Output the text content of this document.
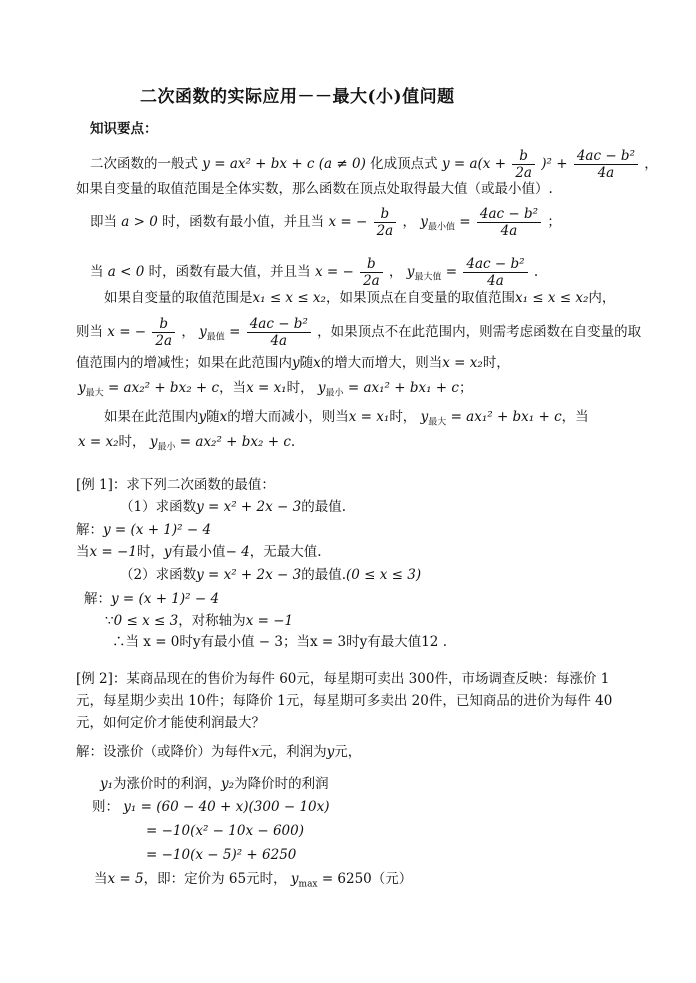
二次函数的实际应用－－最大(小)值问题
知识要点：
二次函数的一般式 y = ax² + bx + c (a ≠ 0) 化成顶点式 $y = a(x + \frac{b}{2a} )^2 + \frac{\text{4ac − b²}}{4a}$ ，
如果自变量的取值范围是全体实数，那么函数在顶点处取得最大值（或最小值）.
即当 a > 0 时，函数有最小值，并且当 x = − $\frac{b}{2a}$ ， $y_{最小值} = \frac{\text{4ac − b²}}{4a}$ ；
当 a < 0 时，函数有最大值，并且当 x = − $\frac{b}{2a}$ ， $y_{最大值} = \frac{\text{4ac − b²}}{4a}$ .
如果自变量的取值范围是x₁ ≤ x ≤ x₂，如果顶点在自变量的取值范围x₁ ≤ x ≤ x₂内，
则当 x = − $\frac{b}{2a}$ ， $y_{最值} = \frac{\text{4ac − b²}}{4a}$ ，如果顶点不在此范围内，则需考虑函数在自变量的取
值范围内的增减性；如果在此范围内y随x的增大而增大，则当x = x₂时，
$y_{最大} = ax_2^2 + bx_2 + c$，当x = x₁时， $y_{最小} = ax_1^2 + bx_1 + c$；
如果在此范围内y随x的增大而减小，则当x = x₁时， $y_{最大} = ax_1^2 + bx_1 + c$，当
x = x₂时， $y_{最小} = ax_2^2 + bx_2 + c$.
[例 1]：求下列二次函数的最值：
（1）求函数y = x² + 2x − 3的最值.
解：y = (x + 1)² − 4
当x = −1时，y有最小值− 4，无最大值.
（2）求函数y = x² + 2x − 3的最值.(0 ≤ x ≤ 3)
解：y = (x + 1)² − 4
∵0 ≤ x ≤ 3，对称轴为x = −1
∴当 x = 0时y有最小值 − 3；当x = 3时y有最大值12 .
[例 2]：某商品现在的售价为每件 60元，每星期可卖出 300件，市场调查反映：每涨价 1
元，每星期少卖出 10件；每降价 1元，每星期可多卖出 20件，已知商品的进价为每件 40
元，如何定价才能使利润最大？
解：设涨价（或降价）为每件x元，利润为y元，
y₁为涨价时的利润，y₂为降价时的利润
则： y₁ = (60 − 40 + x)(300 − 10x)
= −10(x² − 10x − 600)
= −10(x − 5)² + 6250
当x = 5，即：定价为 65元时， $y_{max} = 6250$（元）
